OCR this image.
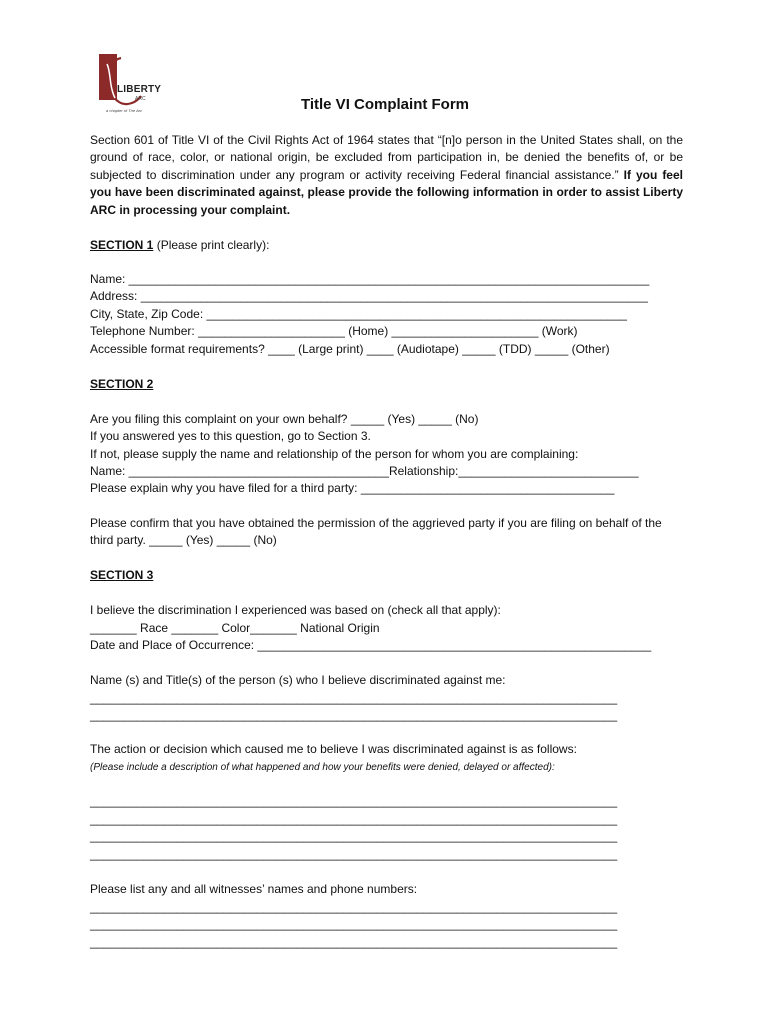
LIBERTY
ARC
a chapter of The Arc	Title VI Complaint Form

Section 601 of Title VI of the Civil Rights Act of 1964 states that “[n]o person in the United States shall, on the ground of race, color, or national origin, be excluded from participation in, be denied the benefits of, or be subjected to discrimination under any program or activity receiving Federal financial assistance.” If you feel you have been discriminated against, please provide the following information in order to assist Liberty ARC in processing your complaint.

SECTION 1 (Please print clearly):
Name: ______________________________________________________________________________
Address: ____________________________________________________________________________
City, State, Zip Code: _______________________________________________________________
Telephone Number: ______________________ (Home) ______________________ (Work)
Accessible format requirements? ____ (Large print) ____ (Audiotape) _____ (TDD) _____ (Other)
SECTION 2
Are you filing this complaint on your own behalf? _____ (Yes) _____ (No)
If you answered yes to this question, go to Section 3.
If not, please supply the name and relationship of the person for whom you are complaining:
Name: _______________________________________Relationship:___________________________
Please explain why you have filed for a third party: ______________________________________

Please confirm that you have obtained the permission of the aggrieved party if you are filing on behalf of the third party. _____ (Yes) _____ (No)

SECTION 3
I believe the discrimination I experienced was based on (check all that apply):
_______ Race _______ Color_______ National Origin
Date and Place of Occurrence: ___________________________________________________________
Name (s) and Title(s) of the person (s) who I believe discriminated against me:
_______________________________________________________________________________
_______________________________________________________________________________
The action or decision which caused me to believe I was discriminated against is as follows:
(Please include a description of what happened and how your benefits were denied, delayed or affected):
_______________________________________________________________________________
_______________________________________________________________________________
_______________________________________________________________________________
_______________________________________________________________________________
Please list any and all witnesses’ names and phone numbers:
_______________________________________________________________________________
_______________________________________________________________________________
_______________________________________________________________________________
